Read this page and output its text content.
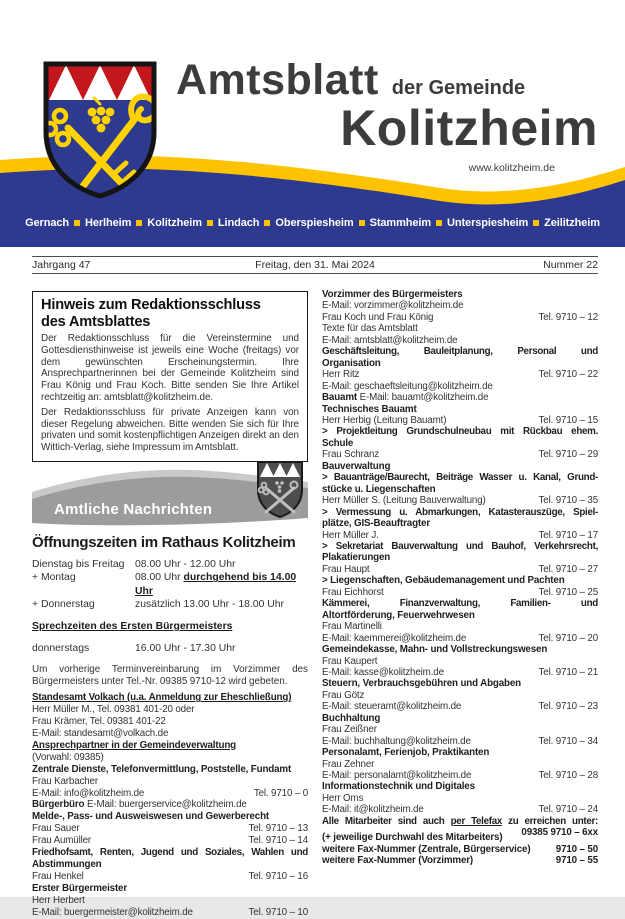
Amtsblatt der Gemeinde
Kolitzheim
www.kolitzheim.de
Gernach Herlheim Kolitzheim Lindach Oberspiesheim Stammheim Unterspiesheim Zeilitzheim
Jahrgang 47	Freitag, den 31. Mai 2024	Nummer 22
Hinweis zum Redaktionsschluss
des Amtsblattes

Der Redaktionsschluss für die Vereinstermine und Gottesdiensthinweise ist jeweils eine Woche (freitags) vor dem gewünschten Erscheinungstermin. Ihre Ansprechpartnerinnen bei der Gemeinde Kolitzheim sind Frau König und Frau Koch. Bitte senden Sie Ihre Artikel rechtzeitig an: amtsblatt@kolitzheim.de.

Der Redaktionsschluss für private Anzeigen kann von dieser Regelung abweichen. Bitte wenden Sie sich für Ihre privaten und somit kostenpflichtigen Anzeigen direkt an den Wittich-Verlag, siehe Impressum im Amtsblatt.

Amtliche Nachrichten
Öffnungszeiten im Rathaus Kolitzheim
Dienstag bis Freitag	08.00 Uhr - 12.00 Uhr
+ Montag	08.00 Uhr durchgehend bis 14.00 Uhr
+ Donnerstag	zusätzlich 13.00 Uhr - 18.00 Uhr
Sprechzeiten des Ersten Bürgermeisters
donnerstags	16.00 Uhr - 17.30 Uhr

Um vorherige Terminvereinbarung im Vorzimmer des Bürgermeisters unter Tel.-Nr. 09385 9710-12 wird gebeten.

Standesamt Volkach (u.a. Anmeldung zur Eheschließung)
Herr Müller M., Tel. 09381 401-20 oder
Frau Krämer, Tel. 09381 401-22
E-Mail: standesamt@volkach.de
Ansprechpartner in der Gemeindeverwaltung
(Vorwahl: 09385)
Zentrale Dienste, Telefonvermittlung, Poststelle, Fundamt
Frau Karbacher
E-Mail: info@kolitzheim.de	Tel. 9710 – 0
Bürgerbüro E-Mail: buergerservice@kolitzheim.de
Melde-, Pass- und Ausweiswesen und Gewerberecht
Frau Sauer	Tel. 9710 – 13
Frau Aumüller	Tel. 9710 – 14
Friedhofsamt, Renten, Jugend und Soziales, Wahlen und
Abstimmungen
Frau Henkel	Tel. 9710 – 16
Erster Bürgermeister
Herr Herbert
E-Mail: buergermeister@kolitzheim.de	Tel. 9710 – 10
Vorzimmer des Bürgermeisters
E-Mail: vorzimmer@kolitzheim.de
Frau Koch und Frau König	Tel. 9710 – 12
Texte für das Amtsblatt
E-Mail: amtsblatt@kolitzheim.de
Geschäftsleitung, Bauleitplanung, Personal und
Organisation
Herr Ritz	Tel. 9710 – 22
E-Mail: geschaeftsleitung@kolitzheim.de
Bauamt E-Mail: bauamt@kolitzheim.de
Technisches Bauamt
Herr Herbig (Leitung Bauamt)	Tel. 9710 – 15
> Projektleitung Grundschulneubau mit Rückbau ehem.
Schule
Frau Schranz	Tel. 9710 – 29
Bauverwaltung
> Bauanträge/Baurecht, Beiträge Wasser u. Kanal, Grund-
stücke u. Liegenschaften
Herr Müller S. (Leitung Bauverwaltung)	Tel. 9710 – 35
> Vermessung u. Abmarkungen, Katasterauszüge, Spiel-
plätze, GIS-Beauftragter
Herr Müller J.	Tel. 9710 – 17
> Sekretariat Bauverwaltung und Bauhof, Verkehrsrecht,
Plakatierungen
Frau Haupt	Tel. 9710 – 27
> Liegenschaften, Gebäudemanagement und Pachten
Frau Eichhorst	Tel. 9710 – 25
Kämmerei, Finanzverwaltung, Familien- und
Altortförderung, Feuerwehrwesen
Frau Martinelli
E-Mail: kaemmerei@kolitzheim.de	Tel. 9710 – 20
Gemeindekasse, Mahn- und Vollstreckungswesen
Frau Kaupert
E-Mail: kasse@kolitzheim.de	Tel. 9710 – 21
Steuern, Verbrauchsgebühren und Abgaben
Frau Götz
E-Mail: steueramt@kolitzheim.de	Tel. 9710 – 23
Buchhaltung
Frau Zeißner
E-Mail: buchhaltung@kolitzheim.de	Tel. 9710 – 34
Personalamt, Ferienjob, Praktikanten
Frau Zehner
E-Mail: personalamt@kolitzheim.de	Tel. 9710 – 28
Informationstechnik und Digitales
Herr Oms
E-Mail: it@kolitzheim.de	Tel. 9710 – 24
Alle Mitarbeiter sind auch per Telefax zu erreichen unter:
09385 9710 – 6xx
(+ jeweilige Durchwahl des Mitarbeiters)
weitere Fax-Nummer (Zentrale, Bürgerservice)	9710 – 50
weitere Fax-Nummer (Vorzimmer)	9710 – 55
